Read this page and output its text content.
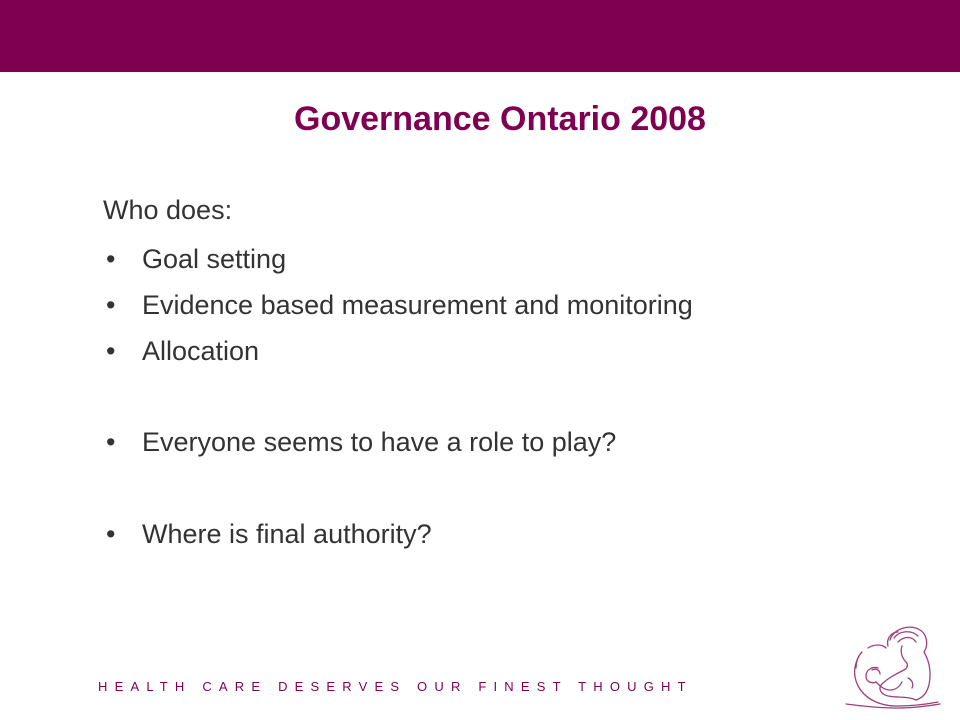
Governance Ontario 2008

Who does:

• Goal setting
• Evidence based measurement and monitoring
• Allocation
• Everyone seems to have a role to play?
• Where is final authority?

HEALTH CARE DESERVES OUR FINEST THOUGHT
